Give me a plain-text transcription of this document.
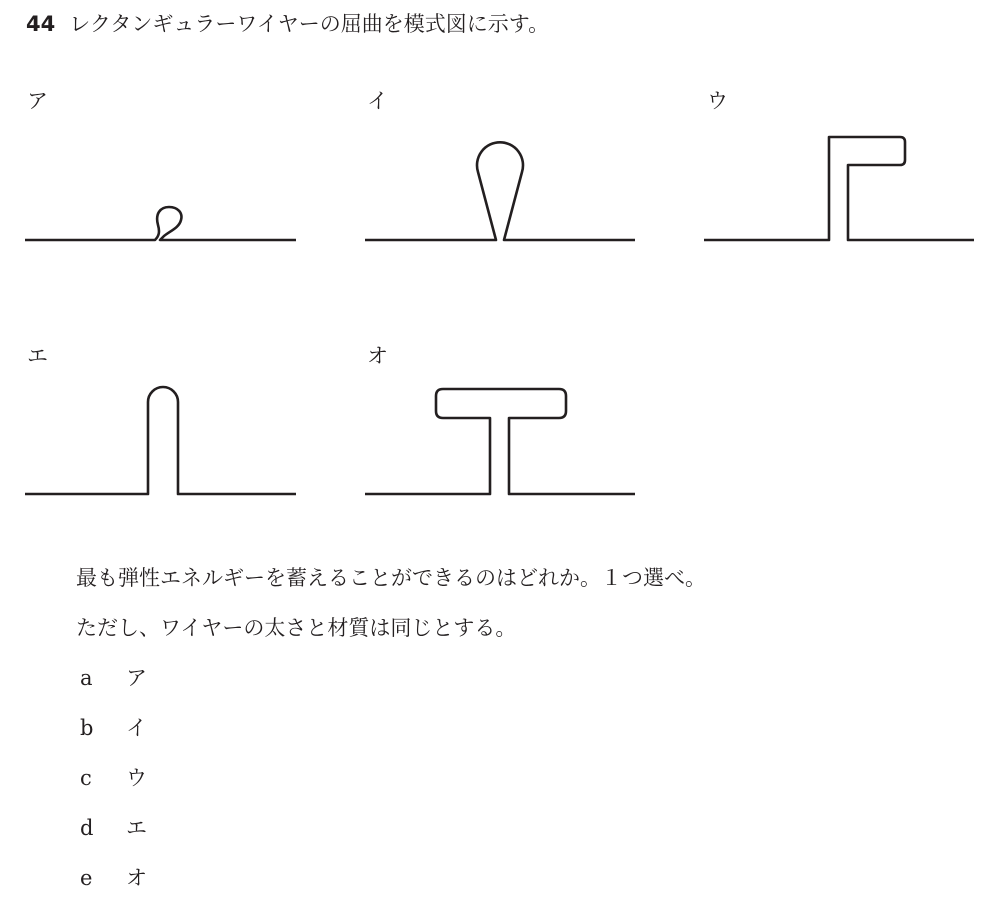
44 レクタンギュラーワイヤーの屈曲を模式図に示す。
ア	イ	ウ
エ	オ
最も弾性エネルギーを蓄えることができるのはどれか。１つ選べ。
ただし、ワイヤーの太さと材質は同じとする。
a ア
b イ
c ウ
d エ
e オ
